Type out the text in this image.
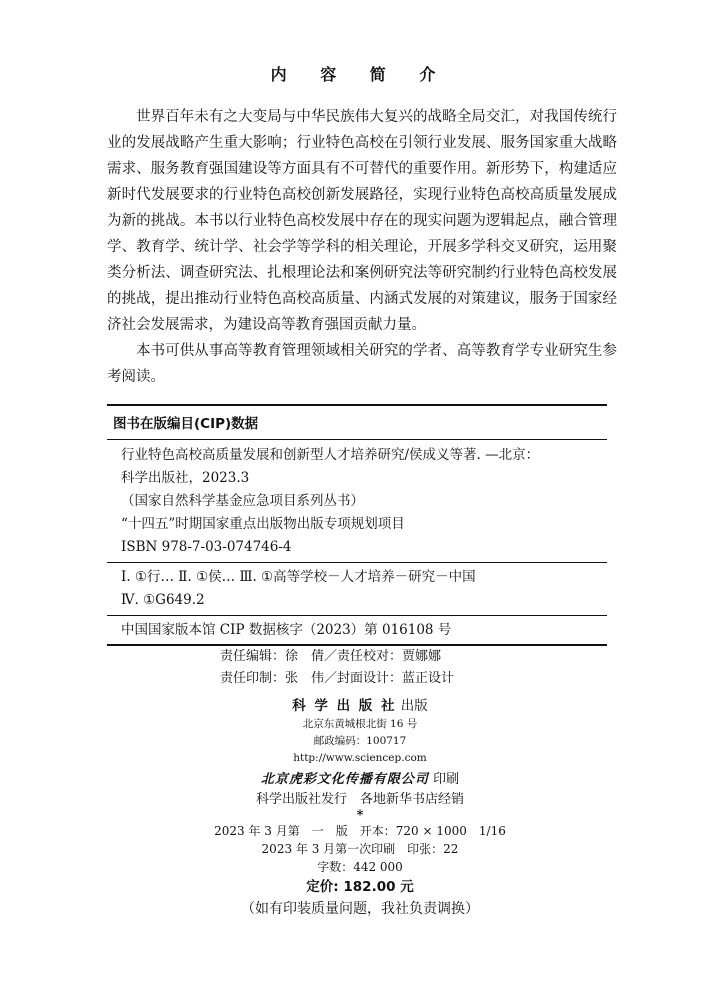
内 容 简 介

世界百年未有之大变局与中华民族伟大复兴的战略全局交汇，对我国传统行业的发展战略产生重大影响；行业特色高校在引领行业发展、服务国家重大战略需求、服务教育强国建设等方面具有不可替代的重要作用。新形势下，构建适应新时代发展要求的行业特色高校创新发展路径，实现行业特色高校高质量发展成为新的挑战。本书以行业特色高校发展中存在的现实问题为逻辑起点，融合管理学、教育学、统计学、社会学等学科的相关理论，开展多学科交叉研究，运用聚类分析法、调查研究法、扎根理论法和案例研究法等研究制约行业特色高校发展的挑战，提出推动行业特色高校高质量、内涵式发展的对策建议，服务于国家经济社会发展需求，为建设高等教育强国贡献力量。

本书可供从事高等教育管理领域相关研究的学者、高等教育学专业研究生参考阅读。

图书在版编目(CIP)数据
行业特色高校高质量发展和创新型人才培养研究/侯成义等著. —北京：
科学出版社，2023.3
（国家自然科学基金应急项目系列丛书）
“十四五”时期国家重点出版物出版专项规划项目
ISBN 978-7-03-074746-4
Ⅰ. ①行… Ⅱ. ①侯… Ⅲ. ①高等学校－人才培养－研究－中国
Ⅳ. ①G649.2
中国国家版本馆 CIP 数据核字（2023）第 016108 号
责任编辑：徐　倩／责任校对：贾娜娜
责任印制：张　伟／封面设计：蓝正设计
科 学 出 版 社 出版
北京东黄城根北街 16 号
邮政编码：100717
http://www.sciencep.com
北京虎彩文化传播有限公司 印刷
科学出版社发行　各地新华书店经销
*
2023 年 3 月第　一　版　开本：720 × 1000　1/16
2023 年 3 月第一次印刷　印张：22
字数：442 000
定价: 182.00 元
（如有印装质量问题，我社负责调换）
